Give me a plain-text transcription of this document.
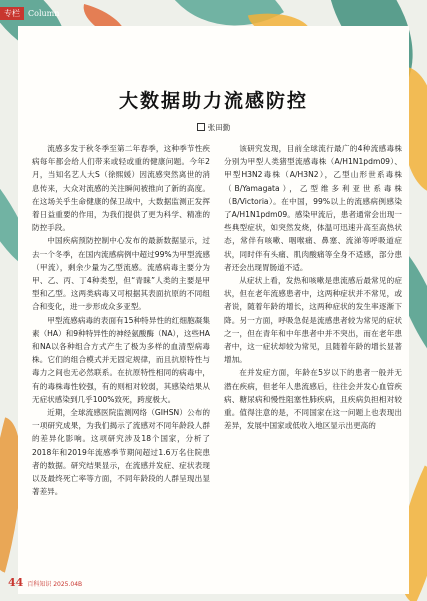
专栏	Column
大数据助力流感防控
张田勤

流感多发于秋冬季至第二年春季，这种季节性疾病每年都会给人们带来或轻或重的健康问题。今年2月，当知名艺人大S（徐熙媛）因流感突然离世的消息传来，大众对流感的关注瞬间被推向了新的高度。在这场关乎生命健康的保卫战中，大数据监测正发挥着日益重要的作用，为我们提供了更为科学、精准的防控手段。

中国疾病预防控制中心发布的最新数据显示，过去一个冬季，在国内流感病例中超过99%为甲型流感（甲流），剩余少量为乙型流感。流感病毒主要分为甲、乙、丙、丁4种类型，但“青睐”人类的主要是甲型和乙型。这两类病毒又可根据其表面抗原的不同组合和变化，进一步形成众多亚型。

甲型流感病毒的表面有15种特异性的红细胞凝集素（HA）和9种特异性的神经氨酸酶（NA），这些HA和NA以各种组合方式产生了极为多样的血清型病毒株。它们的组合模式并无固定规律，而且抗原特性与毒力之间也无必然联系。在抗原特性相同的病毒中，有的毒株毒性较强，有的则相对较弱，其感染结果从无症状感染到几乎100%致死，跨度极大。

近期，全球流感医院监测网络（GIHSN）公布的一项研究成果，为我们揭示了流感对不同年龄段人群的差异化影响。这项研究涉及18个国家，分析了2018年和2019年流感季节期间超过1.6万名住院患者的数据。研究结果显示，在流感并发症、症状表现以及最终死亡率等方面，不同年龄段的人群呈现出显著差异。

该研究发现，目前全球流行最广的4种流感毒株分别为甲型人类猪型流感毒株（A/H1N1pdm09）、甲型H3N2毒株（A/H3N2），乙型山形世系毒株（B/Yamagata），乙型维多利亚世系毒株（B/Victoria）。在中国，99%以上的流感病例感染了A/H1N1pdm09。感染甲流后，患者通常会出现一些典型症状，如突然发烧，体温可迅速升高至高热状态，常伴有咳嗽、咽喉痛、鼻塞、流涕等呼吸道症状，同时伴有头痛、肌肉酸痛等全身不适感，部分患者还会出现胃肠道不适。

从症状上看，发热和咳嗽是患流感后最常见的症状，但在老年流感患者中，这两种症状并不常见，或者说，随着年龄的增长，这两种症状的发生率逐渐下降。另一方面，呼吸急促是流感患者较为常见的症状之一，但在青年和中年患者中并不突出，而在老年患者中，这一症状却较为常见，且随着年龄的增长显著增加。

在并发症方面，年龄在5岁以下的患者一般并无潜在疾病，但老年人患流感后，往往会并发心血管疾病、糖尿病和慢性阻塞性肺疾病，且疾病负担相对较重。值得注意的是，不同国家在这一问题上也表现出差异，发展中国家或低收入地区显示出更高的

44 百科知识 2025.04B
